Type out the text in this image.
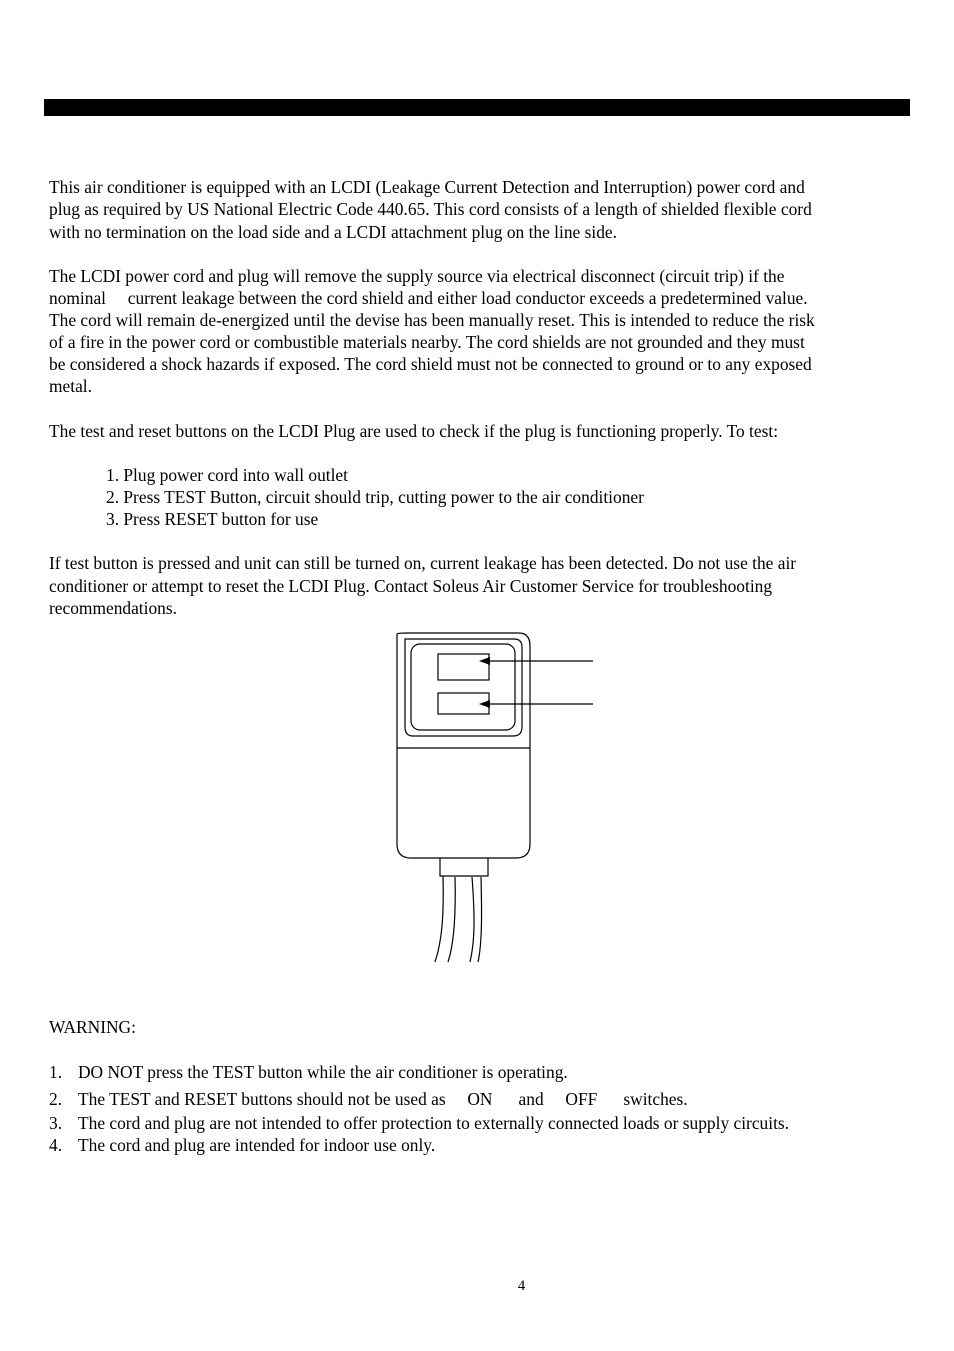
This air conditioner is equipped with an LCDI (Leakage Current Detection and Interruption) power cord and
plug as required by US National Electric Code 440.65. This cord consists of a length of shielded flexible cord
with no termination on the load side and a LCDI attachment plug on the line side.
The LCDI power cord and plug will remove the supply source via electrical disconnect (circuit trip) if the
nominal     current leakage between the cord shield and either load conductor exceeds a predetermined value.
The cord will remain de-energized until the devise has been manually reset. This is intended to reduce the risk
of a fire in the power cord or combustible materials nearby. The cord shields are not grounded and they must
be considered a shock hazards if exposed. The cord shield must not be connected to ground or to any exposed
metal.
The test and reset buttons on the LCDI Plug are used to check if the plug is functioning properly. To test:
1. Plug power cord into wall outlet
2. Press TEST Button, circuit should trip, cutting power to the air conditioner
3. Press RESET button for use
If test button is pressed and unit can still be turned on, current leakage has been detected. Do not use the air
conditioner or attempt to reset the LCDI Plug. Contact Soleus Air Customer Service for troubleshooting
recommendations.
WARNING:
1. DO NOT press the TEST button while the air conditioner is operating.
2. The TEST and RESET buttons should not be used as     ON      and     OFF      switches.
3. The cord and plug are not intended to offer protection to externally connected loads or supply circuits.
4. The cord and plug are intended for indoor use only.
4
